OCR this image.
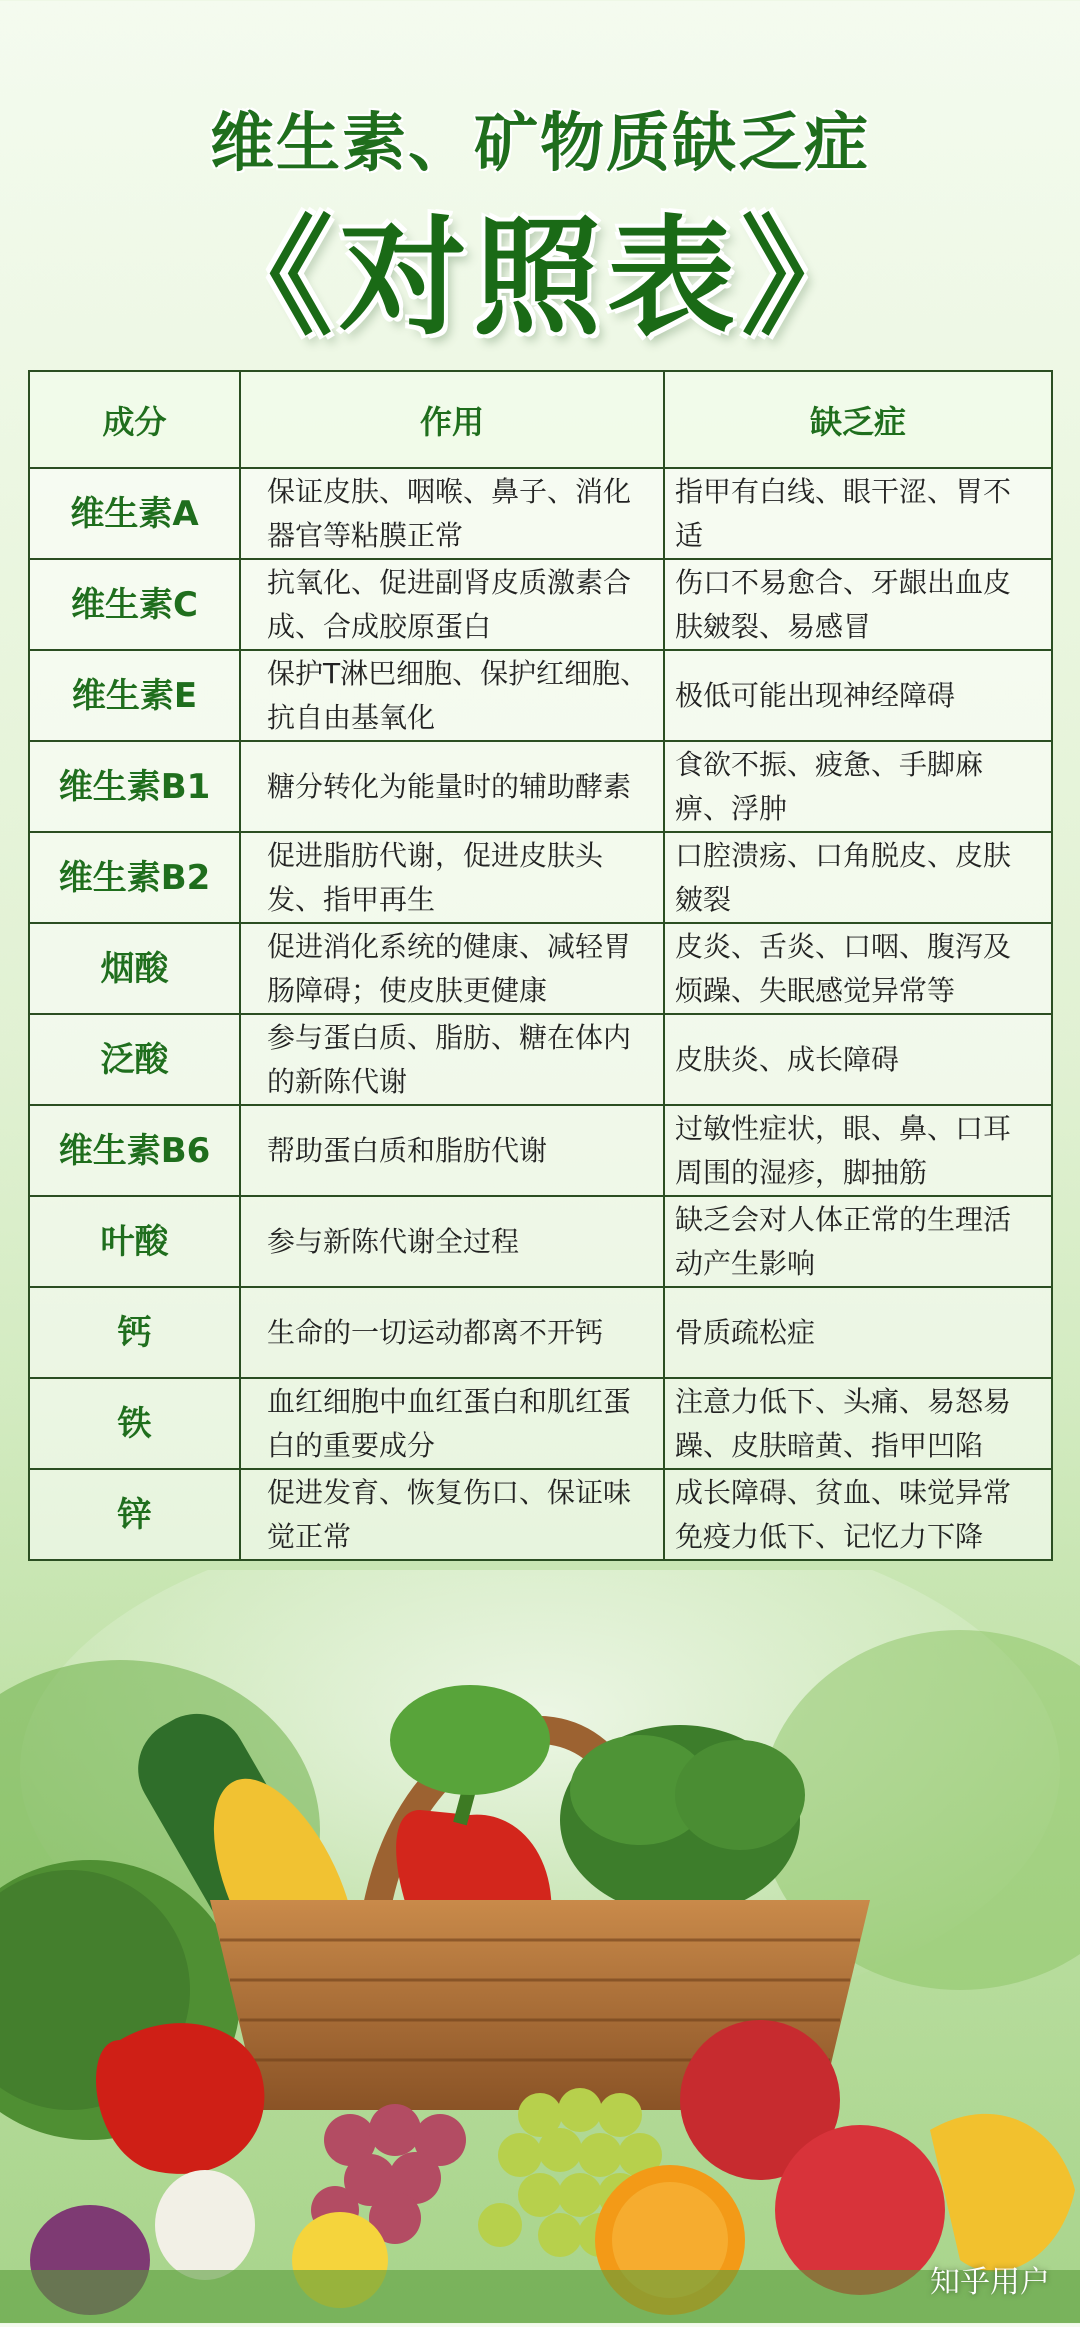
维生素、矿物质缺乏症
《对照表》
成分	作用	缺乏症
维生素A	保证皮肤、咽喉、鼻子、消化器官等粘膜正常	指甲有白线、眼干涩、胃不适
维生素C	抗氧化、促进副肾皮质激素合成、合成胶原蛋白	伤口不易愈合、牙龈出血皮肤皴裂、易感冒
维生素E	保护T淋巴细胞、保护红细胞、抗自由基氧化	极低可能出现神经障碍
维生素B1	糖分转化为能量时的辅助酵素	食欲不振、疲惫、手脚麻痹、浮肿
维生素B2	促进脂肪代谢，促进皮肤头发、指甲再生	口腔溃疡、口角脱皮、皮肤皴裂
烟酸	促进消化系统的健康、减轻胃肠障碍；使皮肤更健康	皮炎、舌炎、口咽、腹泻及烦躁、失眠感觉异常等
泛酸	参与蛋白质、脂肪、糖在体内的新陈代谢	皮肤炎、成长障碍
维生素B6	帮助蛋白质和脂肪代谢	过敏性症状，眼、鼻、口耳周围的湿疹，脚抽筋
叶酸	参与新陈代谢全过程	缺乏会对人体正常的生理活动产生影响
钙	生命的一切运动都离不开钙	骨质疏松症
铁	血红细胞中血红蛋白和肌红蛋白的重要成分	注意力低下、头痛、易怒易躁、皮肤暗黄、指甲凹陷
锌	促进发育、恢复伤口、保证味觉正常	成长障碍、贫血、味觉异常免疫力低下、记忆力下降
知乎用户
